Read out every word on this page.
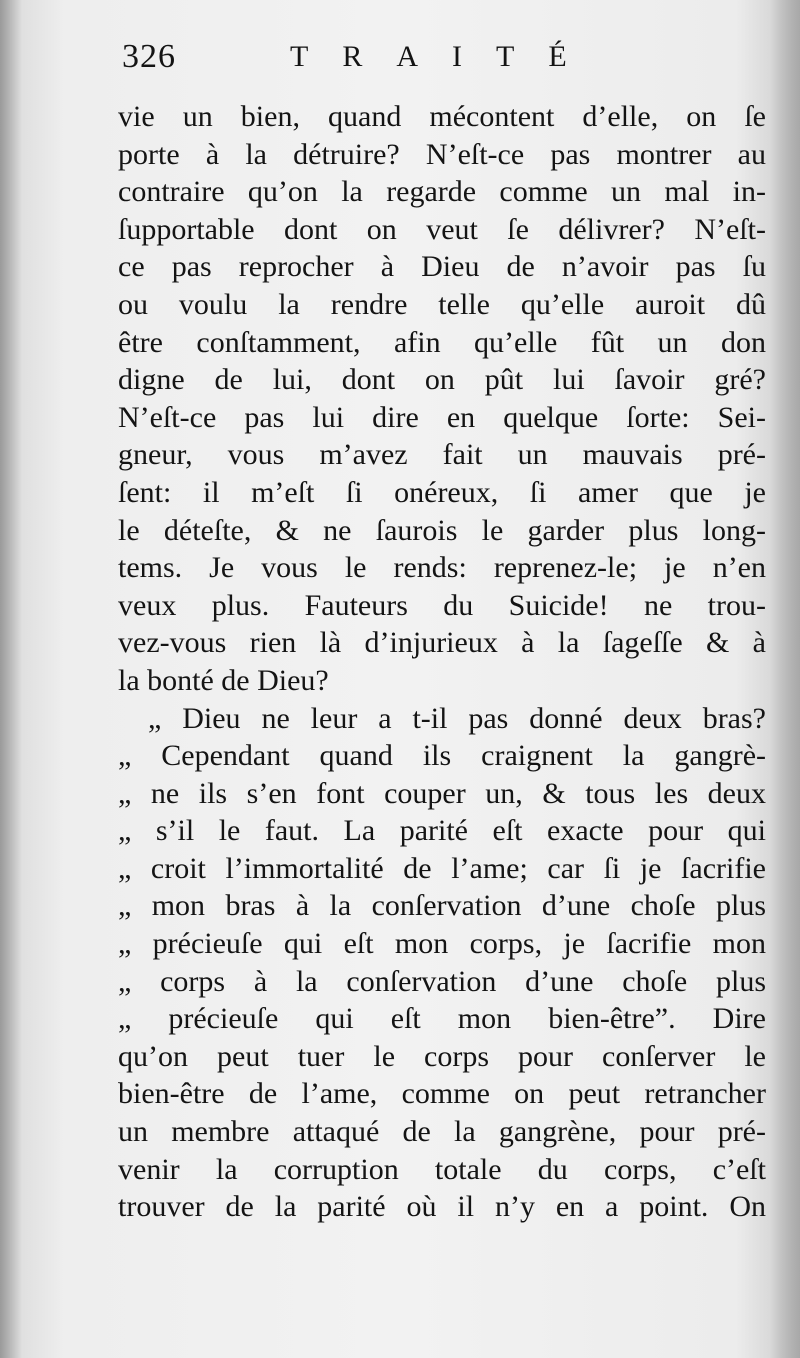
326	TRAITÉ
vie un bien, quand mécontent d’elle, on ſe
porte à la détruire? N’eſt-ce pas montrer au
contraire qu’on la regarde comme un mal in-
ſupportable dont on veut ſe délivrer? N’eſt-
ce pas reprocher à Dieu de n’avoir pas ſu
ou voulu la rendre telle qu’elle auroit dû
être conſtamment, afin qu’elle fût un don
digne de lui, dont on pût lui ſavoir gré?
N’eſt-ce pas lui dire en quelque ſorte: Sei-
gneur, vous m’avez fait un mauvais pré-
ſent: il m’eſt ſi onéreux, ſi amer que je
le déteſte, & ne ſaurois le garder plus long-
tems. Je vous le rends: reprenez-le; je n’en
veux plus. Fauteurs du Suicide! ne trou-
vez-vous rien là d’injurieux à la ſageſſe & à
la bonté de Dieu?
„ Dieu ne leur a t-il pas donné deux bras?
„ Cependant quand ils craignent la gangrè-
„ ne ils s’en font couper un, & tous les deux
„ s’il le faut. La parité eſt exacte pour qui
„ croit l’immortalité de l’ame; car ſi je ſacrifie
„ mon bras à la conſervation d’une choſe plus
„ précieuſe qui eſt mon corps, je ſacrifie mon
„ corps à la conſervation d’une choſe plus
„ précieuſe qui eſt mon bien-être”. Dire
qu’on peut tuer le corps pour conſerver le
bien-être de l’ame, comme on peut retrancher
un membre attaqué de la gangrène, pour pré-
venir la corruption totale du corps, c’eſt
trouver de la parité où il n’y en a point. On
